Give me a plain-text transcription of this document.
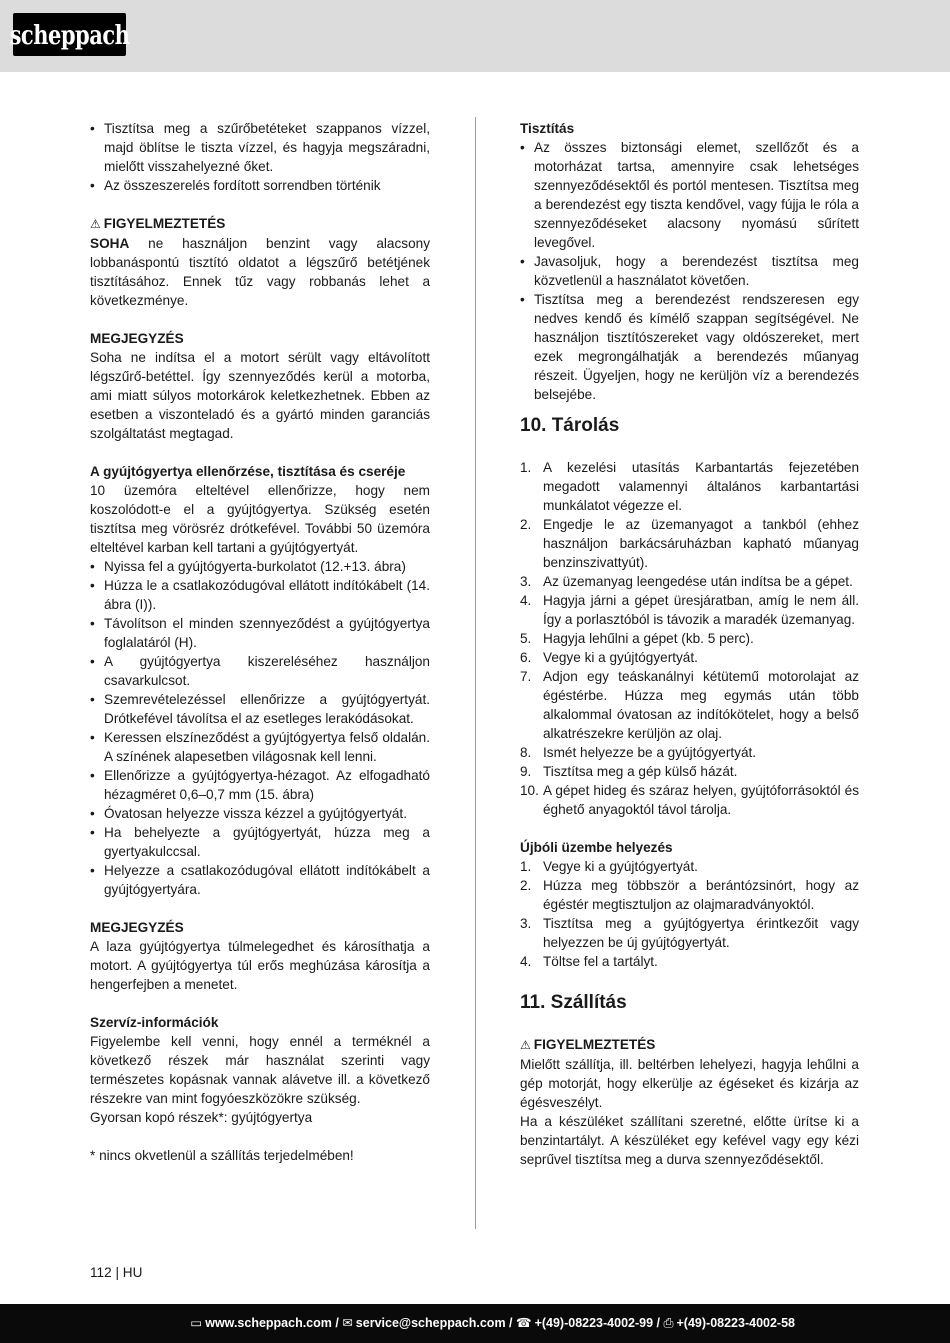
scheppach
• Tisztítsa meg a szűrőbetéteket szappanos vízzel, majd öblítse le tiszta vízzel, és hagyja megszáradni, mielőtt visszahelyezné őket.
• Az összeszerelés fordított sorrendben történik
⚠ FIGYELMEZTETÉS
SOHA ne használjon benzint vagy alacsony lobbanáspontú tisztító oldatot a légszűrő betétjének tisztításához. Ennek tűz vagy robbanás lehet a következménye.
MEGJEGYZÉS
Soha ne indítsa el a motort sérült vagy eltávolított légszűrő-betéttel. Így szennyeződés kerül a motorba, ami miatt súlyos motorkárok keletkezhetnek. Ebben az esetben a viszonteladó és a gyártó minden garanciás szolgáltatást megtagad.
A gyújtógyertya ellenőrzése, tisztítása és cseréje
10 üzemóra elteltével ellenőrizze, hogy nem koszolódott-e el a gyújtógyertya. Szükség esetén tisztítsa meg vörösréz drótkefével. További 50 üzemóra elteltével karban kell tartani a gyújtógyertyát.
• Nyissa fel a gyújtógyerta-burkolatot (12.+13. ábra)
• Húzza le a csatlakozódugóval ellátott indítókábelt (14. ábra (I)).
• Távolítson el minden szennyeződést a gyújtógyertya foglalatáról (H).
• A gyújtógyertya kiszereléséhez használjon csavarkulcsot.
• Szemrevételezéssel ellenőrizze a gyújtógyertyát. Drótkefével távolítsa el az esetleges lerakódásokat.
• Keressen elszíneződést a gyújtógyertya felső oldalán. A színének alapesetben világosnak kell lenni.
• Ellenőrizze a gyújtógyertya-hézagot. Az elfogadható hézagméret 0,6–0,7 mm (15. ábra)
• Óvatosan helyezze vissza kézzel a gyújtógyertyát.
• Ha behelyezte a gyújtógyertyát, húzza meg a gyertyakulccsal.
• Helyezze a csatlakozódugóval ellátott indítókábelt a gyújtógyertyára.
MEGJEGYZÉS
A laza gyújtógyertya túlmelegedhet és károsíthatja a motort. A gyújtógyertya túl erős meghúzása károsítja a hengerfejben a menetet.
Szervíz-információk
Figyelembe kell venni, hogy ennél a terméknél a következő részek már használat szerinti vagy természetes kopásnak vannak alávetve ill. a következő részekre van mint fogyóeszközökre szükség.
Gyorsan kopó részek*: gyújtógyertya
* nincs okvetlenül a szállítás terjedelmében!
Tisztítás
• Az összes biztonsági elemet, szellőzőt és a motorházat tartsa, amennyire csak lehetséges szennyeződésektől és portól mentesen. Tisztítsa meg a berendezést egy tiszta kendővel, vagy fújja le róla a szennyeződéseket alacsony nyomású sűrített levegővel.
• Javasoljuk, hogy a berendezést tisztítsa meg közvetlenül a használatot követően.
• Tisztítsa meg a berendezést rendszeresen egy nedves kendő és kímélő szappan segítségével. Ne használjon tisztítószereket vagy oldószereket, mert ezek megrongálhatják a berendezés műanyag részeit. Ügyeljen, hogy ne kerüljön víz a berendezés belsejébe.
10. Tárolás
1. A kezelési utasítás Karbantartás fejezetében megadott valamennyi általános karbantartási munkálatot végezze el.
2. Engedje le az üzemanyagot a tankból (ehhez használjon barkácsáruházban kapható műanyag benzinszivattyút).
3. Az üzemanyag leengedése után indítsa be a gépet.
4. Hagyja járni a gépet üresjáratban, amíg le nem áll. Így a porlasztóból is távozik a maradék üzemanyag.
5. Hagyja lehűlni a gépet (kb. 5 perc).
6. Vegye ki a gyújtógyertyát.
7. Adjon egy teáskanálnyi kétütemű motorolajat az égéstérbe. Húzza meg egymás után több alkalommal óvatosan az indítókötelet, hogy a belső alkatrészekre kerüljön az olaj.
8. Ismét helyezze be a gyújtógyertyát.
9. Tisztítsa meg a gép külső házát.
10. A gépet hideg és száraz helyen, gyújtóforrásoktól és éghető anyagoktól távol tárolja.
Újbóli üzembe helyezés
1. Vegye ki a gyújtógyertyát.
2. Húzza meg többször a berántózsinórt, hogy az égéstér megtisztuljon az olajmaradványoktól.
3. Tisztítsa meg a gyújtógyertya érintkezőit vagy helyezzen be új gyújtógyertyát.
4. Töltse fel a tartályt.
11. Szállítás
⚠ FIGYELMEZTETÉS
Mielőtt szállítja, ill. beltérben lehelyezi, hagyja lehűlni a gép motorját, hogy elkerülje az égéseket és kizárja az égésveszélyt.
Ha a készüléket szállítani szeretné, előtte ürítse ki a benzintartályt. A készüléket egy kefével vagy egy kézi seprűvel tisztítsa meg a durva szennyeződésektől.
112 | HU
▭ www.scheppach.com / ✉ service@scheppach.com / ☎ +(49)-08223-4002-99 / ⎙ +(49)-08223-4002-58
